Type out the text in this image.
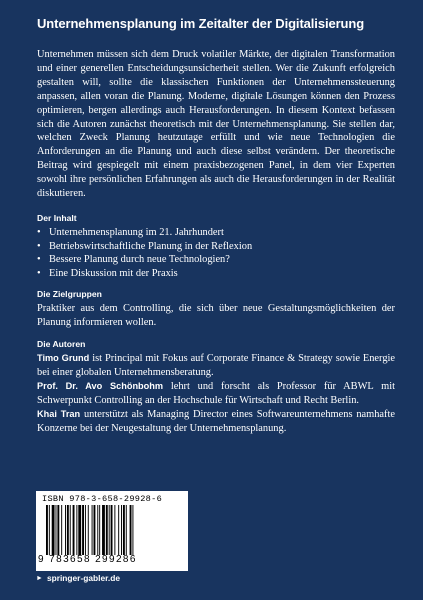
Unternehmensplanung im Zeitalter der Digitalisierung

Unternehmen müssen sich dem Druck volatiler Märkte, der digitalen Transformation und einer generellen Entscheidungsunsicherheit stellen. Wer die Zukunft erfolgreich gestalten will, sollte die klassischen Funktionen der Unternehmenssteuerung anpassen, allen voran die Planung. Moderne, digitale Lösungen können den Prozess optimieren, bergen allerdings auch Herausforderungen. In diesem Kontext befassen sich die Autoren zunächst theoretisch mit der Unternehmensplanung. Sie stellen dar, welchen Zweck Planung heutzutage erfüllt und wie neue Technologien die Anforderungen an die Planung und auch diese selbst verändern. Der theoretische Beitrag wird gespiegelt mit einem praxisbezogenen Panel, in dem vier Experten sowohl ihre persönlichen Erfahrungen als auch die Herausforderungen in der Realität diskutieren.

Der Inhalt
• Unternehmensplanung im 21. Jahrhundert
• Betriebswirtschaftliche Planung in der Reflexion
• Bessere Planung durch neue Technologien?
• Eine Diskussion mit der Praxis
Die Zielgruppen

Praktiker aus dem Controlling, die sich über neue Gestaltungsmöglichkeiten der Planung informieren wollen.

Die Autoren

Timo Grund ist Principal mit Fokus auf Corporate Finance & Strategy sowie Energie bei einer globalen Unternehmensberatung.

Prof. Dr. Avo Schönbohm lehrt und forscht als Professor für ABWL mit Schwerpunkt Controlling an der Hochschule für Wirtschaft und Recht Berlin.

Khai Tran unterstützt als Managing Director eines Softwareunternehmens namhafte Konzerne bei der Neugestaltung der Unternehmensplanung.

ISBN 978-3-658-29928-6
9 783658 299286
► springer-gabler.de
